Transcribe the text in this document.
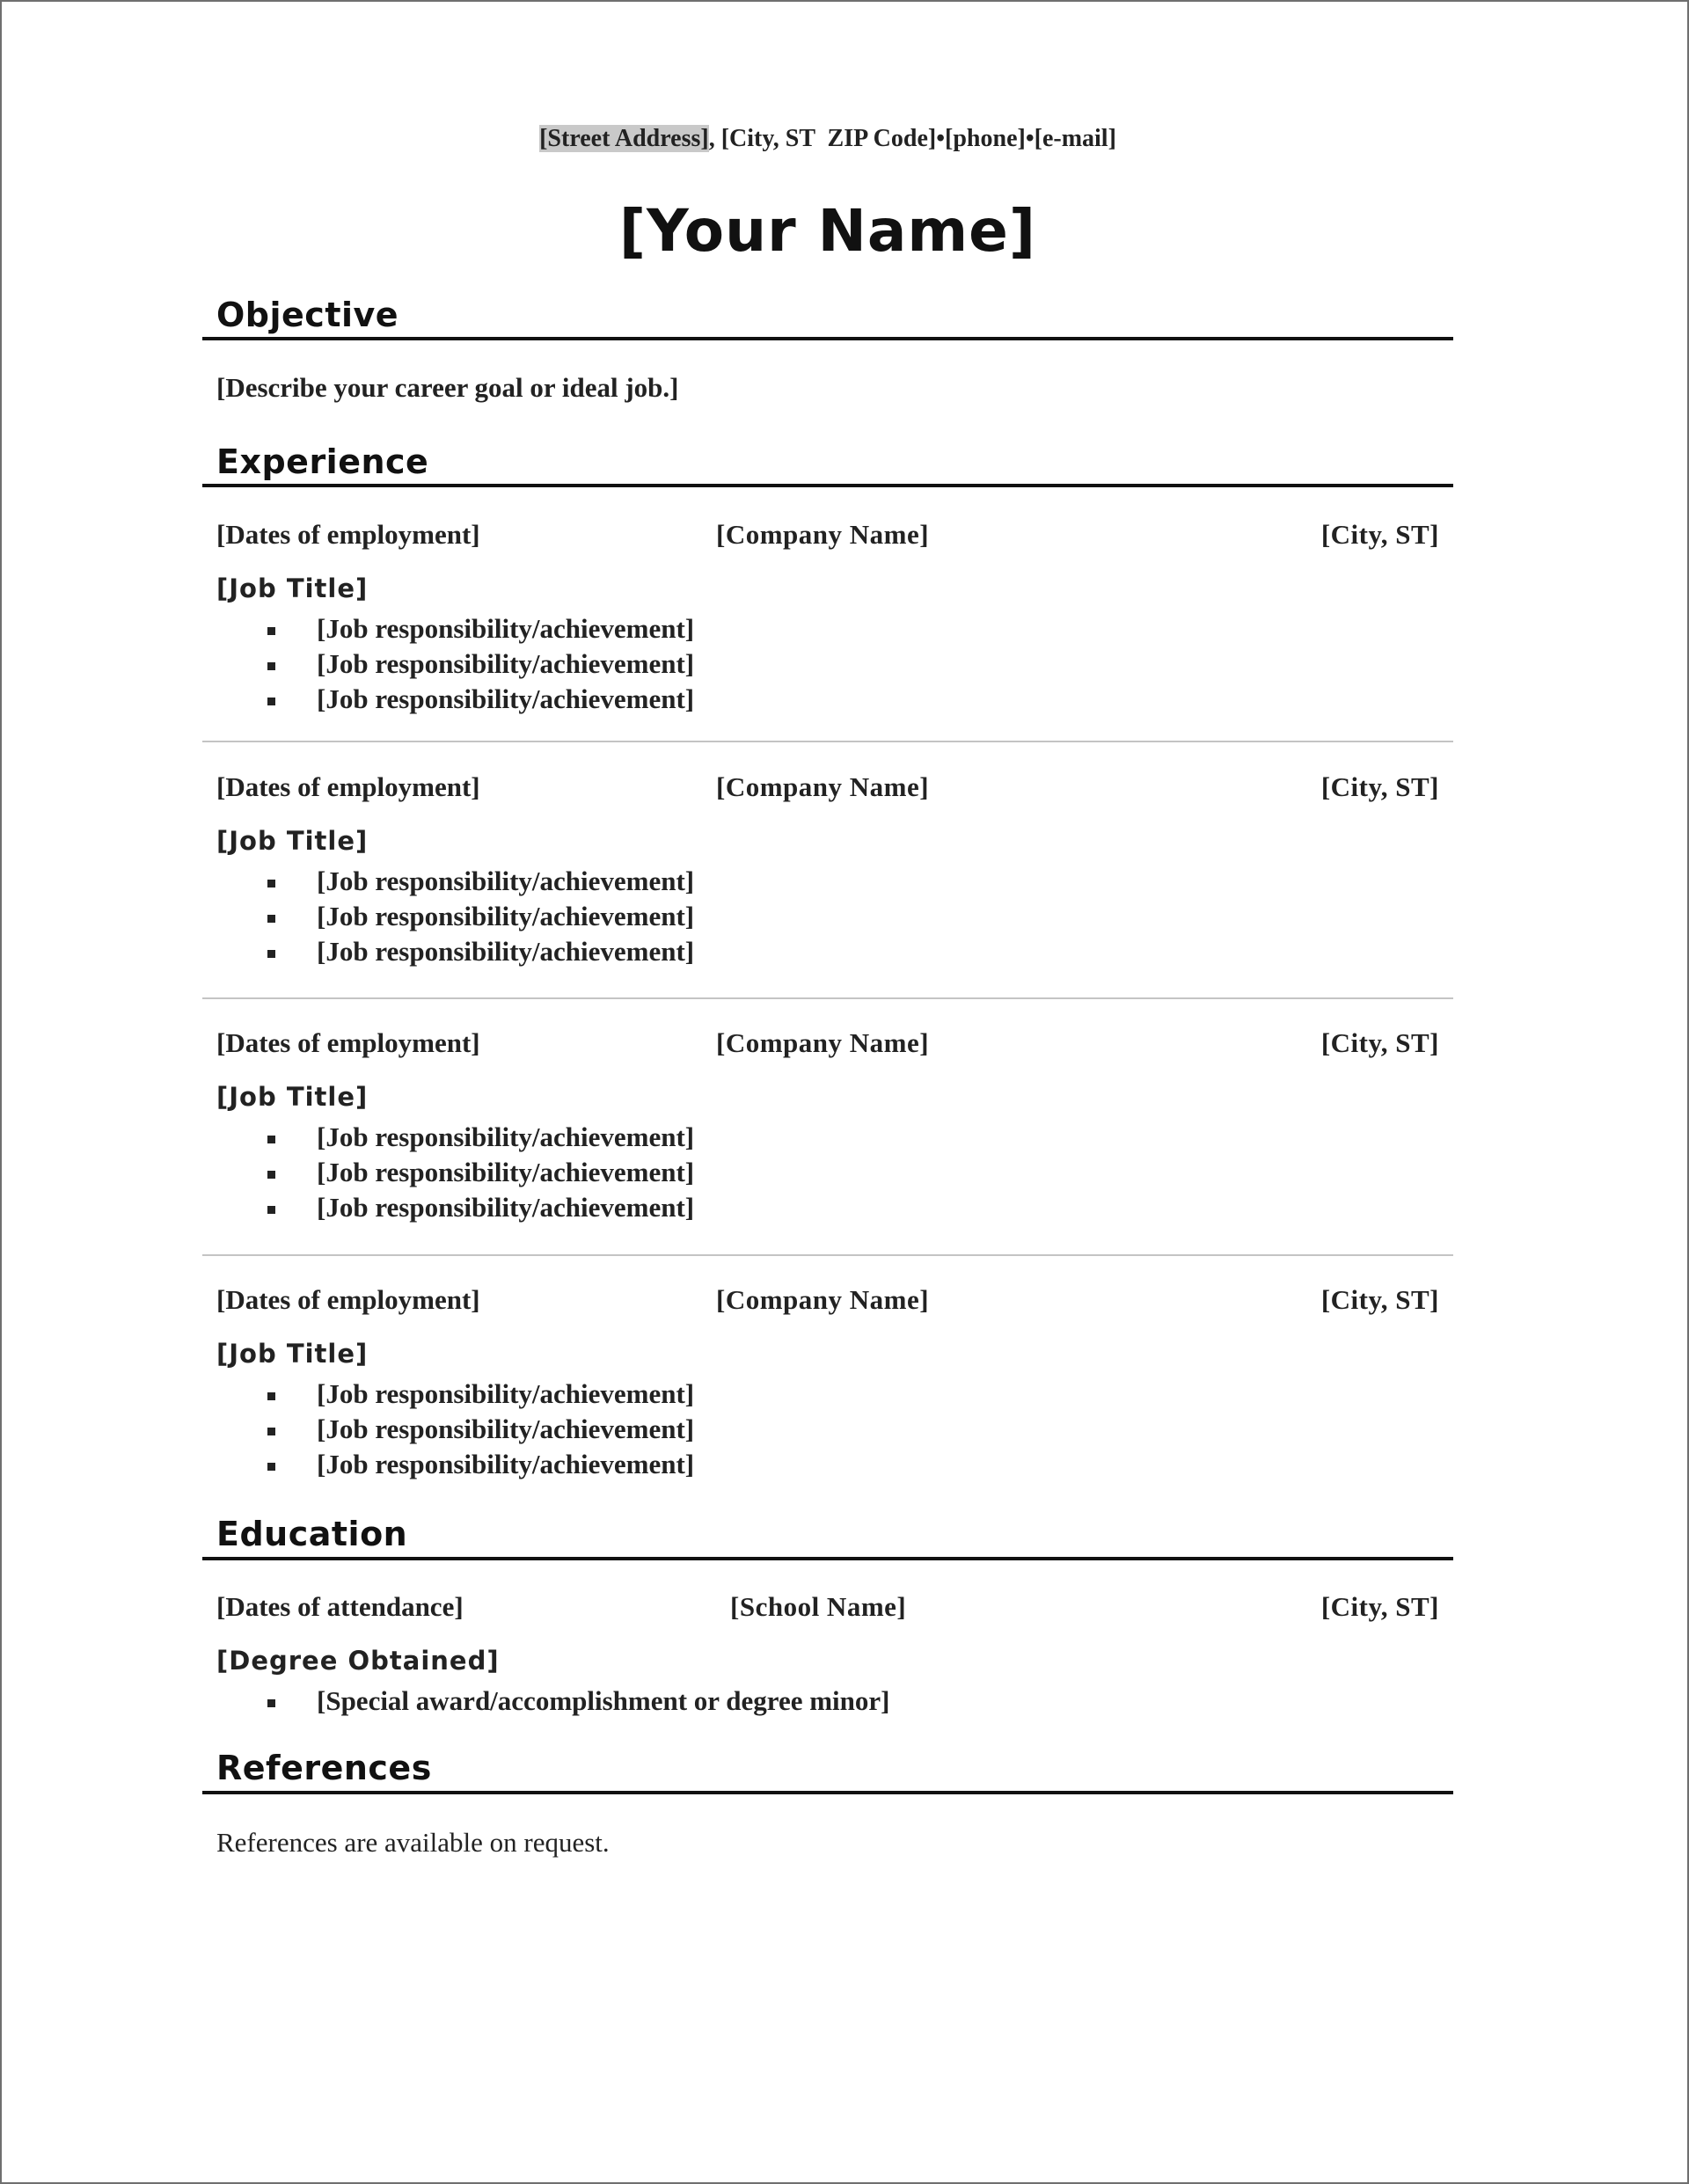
[Street Address], [City, ST  ZIP Code]•[phone]•[e-mail]
[Your Name]
Objective
[Describe your career goal or ideal job.]
Experience
[Dates of employment]	[Company Name]	[City, ST]
[Job Title]
[Job responsibility/achievement]
[Job responsibility/achievement]
[Job responsibility/achievement]
[Dates of employment]	[Company Name]	[City, ST]
[Job Title]
[Job responsibility/achievement]
[Job responsibility/achievement]
[Job responsibility/achievement]
[Dates of employment]	[Company Name]	[City, ST]
[Job Title]
[Job responsibility/achievement]
[Job responsibility/achievement]
[Job responsibility/achievement]
[Dates of employment]	[Company Name]	[City, ST]
[Job Title]
[Job responsibility/achievement]
[Job responsibility/achievement]
[Job responsibility/achievement]
Education
[Dates of attendance]	[School Name]	[City, ST]
[Degree Obtained]
[Special award/accomplishment or degree minor]
References
References are available on request.
